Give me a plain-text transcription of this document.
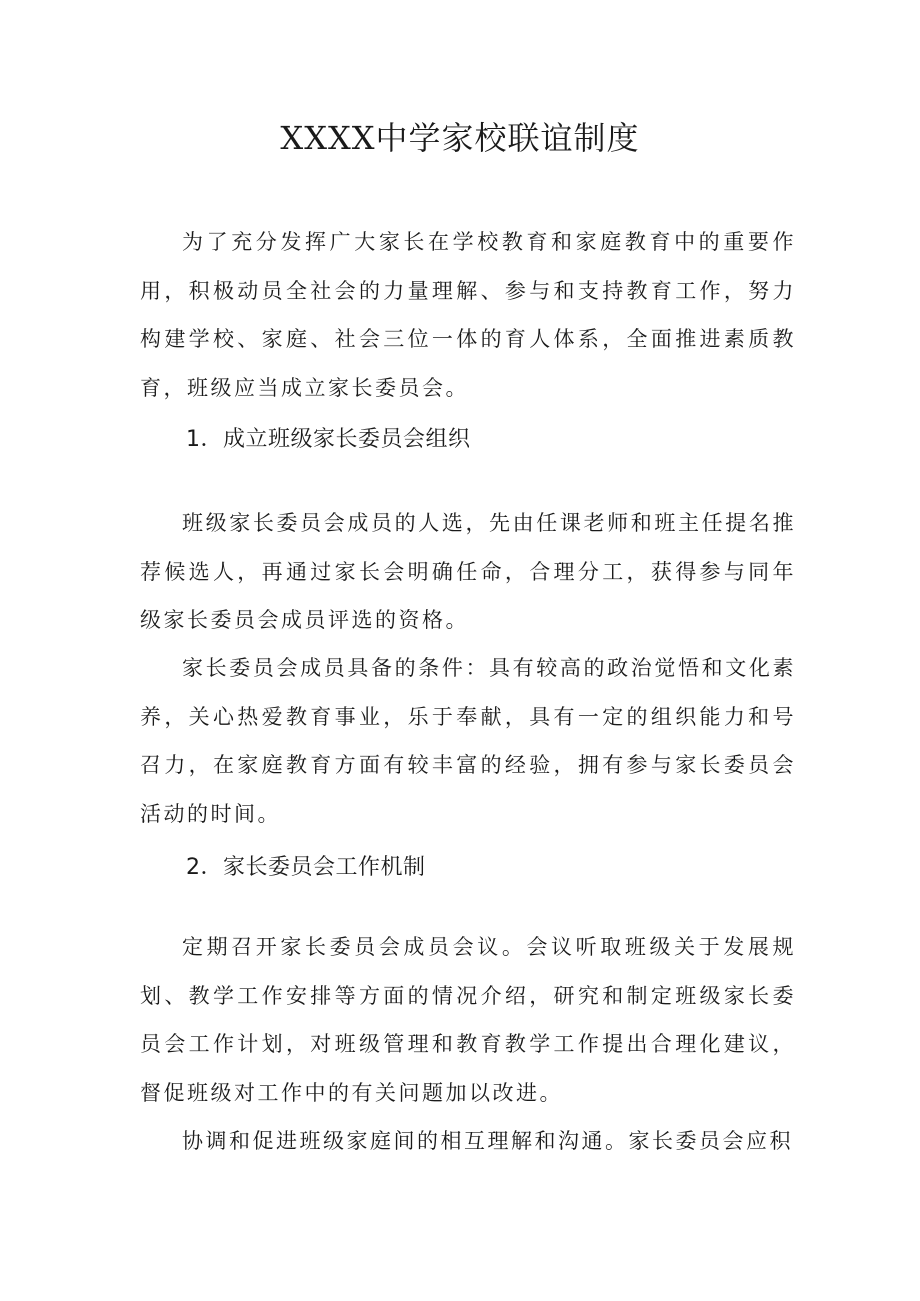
XXXX中学家校联谊制度

为了充分发挥广大家长在学校教育和家庭教育中的重要作用，积极动员全社会的力量理解、参与和支持教育工作，努力构建学校、家庭、社会三位一体的育人体系，全面推进素质教育，班级应当成立家长委员会。

1．成立班级家长委员会组织

班级家长委员会成员的人选，先由任课老师和班主任提名推荐候选人，再通过家长会明确任命，合理分工，获得参与同年级家长委员会成员评选的资格。

家长委员会成员具备的条件：具有较高的政治觉悟和文化素养，关心热爱教育事业，乐于奉献，具有一定的组织能力和号召力，在家庭教育方面有较丰富的经验，拥有参与家长委员会活动的时间。

2．家长委员会工作机制

定期召开家长委员会成员会议。会议听取班级关于发展规划、教学工作安排等方面的情况介绍，研究和制定班级家长委员会工作计划，对班级管理和教育教学工作提出合理化建议，督促班级对工作中的有关问题加以改进。

协调和促进班级家庭间的相互理解和沟通。家长委员会应积
